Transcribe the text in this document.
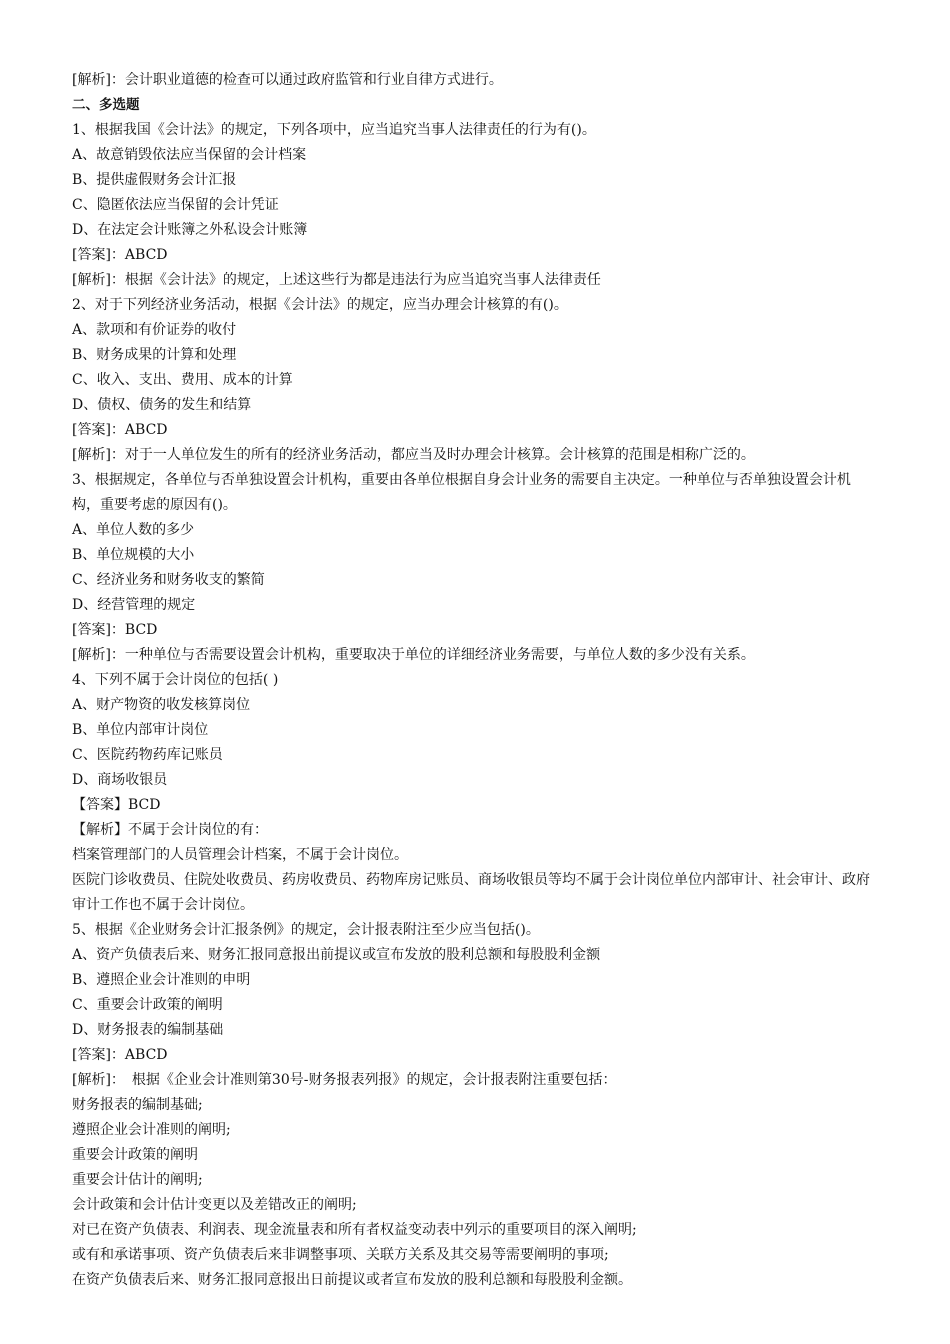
[解析]：会计职业道德的检查可以通过政府监管和行业自律方式进行。
二、多选题
1、根据我国《会计法》的规定，下列各项中，应当追究当事人法律责任的行为有()。
A、故意销毁依法应当保留的会计档案
B、提供虚假财务会计汇报
C、隐匿依法应当保留的会计凭证
D、在法定会计账簿之外私设会计账簿
[答案]：ABCD
[解析]：根据《会计法》的规定，上述这些行为都是违法行为应当追究当事人法律责任
2、对于下列经济业务活动，根据《会计法》的规定，应当办理会计核算的有()。
A、款项和有价证券的收付
B、财务成果的计算和处理
C、收入、支出、费用、成本的计算
D、债权、债务的发生和结算
[答案]：ABCD
[解析]：对于一人单位发生的所有的经济业务活动，都应当及时办理会计核算。会计核算的范围是相称广泛的。
3、根据规定，各单位与否单独设置会计机构，重要由各单位根据自身会计业务的需要自主决定。一种单位与否单独设置会计机构，重要考虑的原因有()。
A、单位人数的多少
B、单位规模的大小
C、经济业务和财务收支的繁简
D、经营管理的规定
[答案]：BCD
[解析]：一种单位与否需要设置会计机构，重要取决于单位的详细经济业务需要，与单位人数的多少没有关系。
4、下列不属于会计岗位的包括( )
A、财产物资的收发核算岗位
B、单位内部审计岗位
C、医院药物药库记账员
D、商场收银员
【答案】BCD
【解析】不属于会计岗位的有：
档案管理部门的人员管理会计档案，不属于会计岗位。
医院门诊收费员、住院处收费员、药房收费员、药物库房记账员、商场收银员等均不属于会计岗位单位内部审计、社会审计、政府审计工作也不属于会计岗位。
5、根据《企业财务会计汇报条例》的规定，会计报表附注至少应当包括()。
A、资产负债表后来、财务汇报同意报出前提议或宣布发放的股利总额和每股股利金额
B、遵照企业会计准则的申明
C、重要会计政策的阐明
D、财务报表的编制基础
[答案]：ABCD
[解析]：　根据《企业会计准则第30号-财务报表列报》的规定，会计报表附注重要包括：
财务报表的编制基础;
遵照企业会计准则的阐明;
重要会计政策的阐明
重要会计估计的阐明;
会计政策和会计估计变更以及差错改正的阐明;
对已在资产负债表、利润表、现金流量表和所有者权益变动表中列示的重要项目的深入阐明;
或有和承诺事项、资产负债表后来非调整事项、关联方关系及其交易等需要阐明的事项;
在资产负债表后来、财务汇报同意报出日前提议或者宣布发放的股利总额和每股股利金额。
